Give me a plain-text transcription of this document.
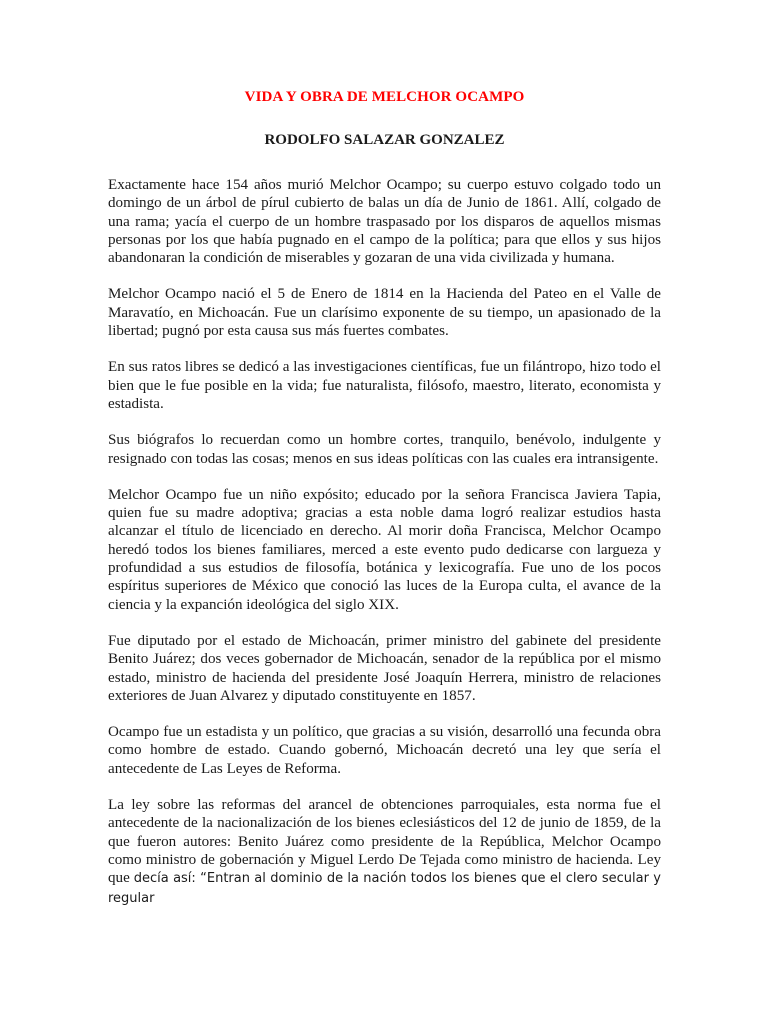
VIDA Y OBRA DE MELCHOR OCAMPO
RODOLFO SALAZAR GONZALEZ

Exactamente hace 154 años murió Melchor Ocampo; su cuerpo estuvo colgado todo un domingo de un árbol de pírul cubierto de balas un día de Junio de 1861. Allí, colgado de una rama; yacía el cuerpo de un hombre traspasado por los disparos de aquellos mismas personas por los que había pugnado en el campo de la política; para que ellos y sus hijos abandonaran la condición de miserables y gozaran de una vida civilizada y humana.

Melchor Ocampo nació el 5 de Enero de 1814 en la Hacienda del Pateo en el Valle de Maravatío, en Michoacán. Fue un clarísimo exponente de su tiempo, un apasionado de la libertad; pugnó por esta causa sus más fuertes combates.

En sus ratos libres se dedicó a las investigaciones científicas, fue un filántropo, hizo todo el bien que le fue posible en la vida; fue naturalista, filósofo, maestro, literato, economista y estadista.

Sus biógrafos lo recuerdan como un hombre cortes, tranquilo, benévolo, indulgente y resignado con todas las cosas; menos en sus ideas políticas con las cuales era intransigente.

Melchor Ocampo fue un niño expósito; educado por la señora Francisca Javiera Tapia, quien fue su madre adoptiva; gracias a esta noble dama logró realizar estudios hasta alcanzar el título de licenciado en derecho. Al morir doña Francisca, Melchor Ocampo heredó todos los bienes familiares, merced a este evento pudo dedicarse con largueza y profundidad a sus estudios de filosofía, botánica y lexicografía. Fue uno de los pocos espíritus superiores de México que conoció las luces de la Europa culta, el avance de la ciencia y la expanción ideológica del siglo XIX.

Fue diputado por el estado de Michoacán, primer ministro del gabinete del presidente Benito Juárez; dos veces gobernador de Michoacán, senador de la república por el mismo estado, ministro de hacienda del presidente José Joaquín Herrera, ministro de relaciones exteriores de Juan Alvarez y diputado constituyente en 1857.

Ocampo fue un estadista y un político, que gracias a su visión, desarrolló una fecunda obra como hombre de estado. Cuando gobernó, Michoacán decretó una ley que sería el antecedente de Las Leyes de Reforma.

La ley sobre las reformas del arancel de obtenciones parroquiales, esta norma fue el antecedente de la nacionalización de los bienes eclesiásticos del 12 de junio de 1859, de la que fueron autores: Benito Juárez como presidente de la República, Melchor Ocampo como ministro de gobernación y Miguel Lerdo De Tejada como ministro de hacienda. Ley que decía así: “Entran al dominio de la nación todos los bienes que el clero secular y regular
